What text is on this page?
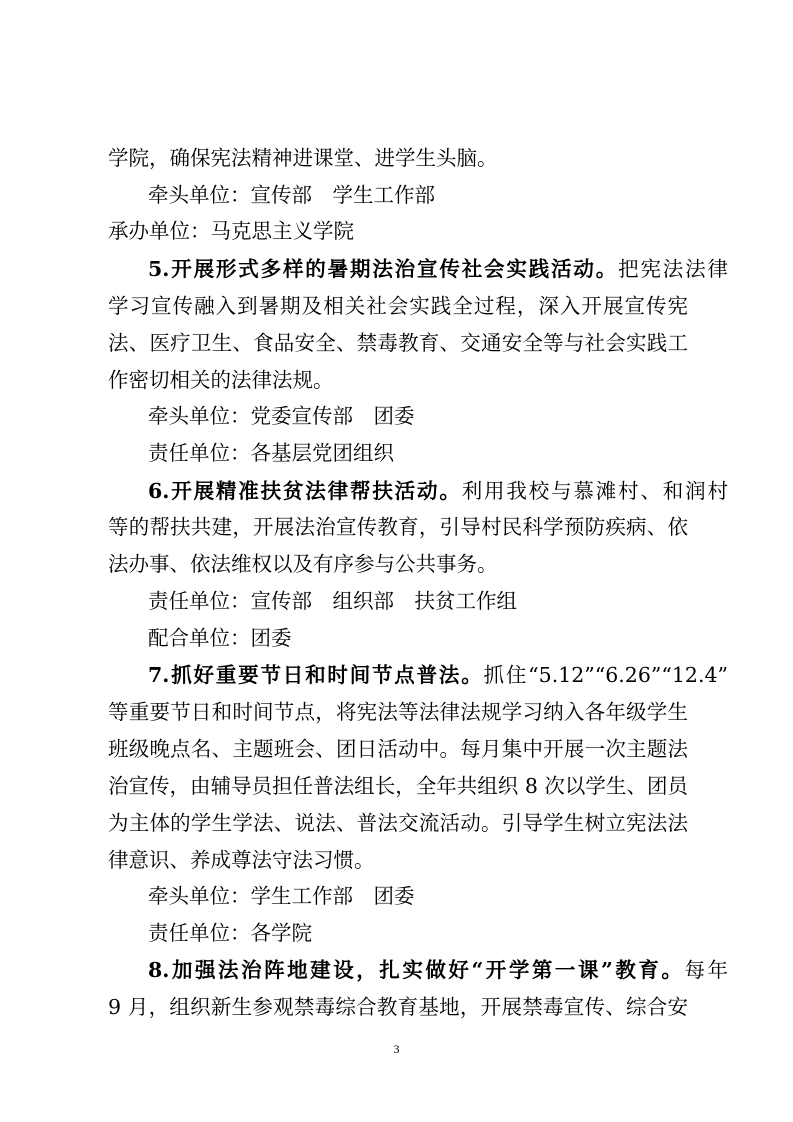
学院，确保宪法精神进课堂、进学生头脑。
牵头单位：宣传部　学生工作部
承办单位：马克思主义学院
5.开展形式多样的暑期法治宣传社会实践活动。把宪法法律
学习宣传融入到暑期及相关社会实践全过程，深入开展宣传宪
法、医疗卫生、食品安全、禁毒教育、交通安全等与社会实践工
作密切相关的法律法规。
牵头单位：党委宣传部　团委
责任单位：各基层党团组织
6.开展精准扶贫法律帮扶活动。利用我校与慕滩村、和润村
等的帮扶共建，开展法治宣传教育，引导村民科学预防疾病、依
法办事、依法维权以及有序参与公共事务。
责任单位：宣传部　组织部　扶贫工作组
配合单位：团委
7.抓好重要节日和时间节点普法。抓住“5.12”“6.26”“12.4”
等重要节日和时间节点，将宪法等法律法规学习纳入各年级学生
班级晚点名、主题班会、团日活动中。每月集中开展一次主题法
治宣传，由辅导员担任普法组长，全年共组织 8 次以学生、团员
为主体的学生学法、说法、普法交流活动。引导学生树立宪法法
律意识、养成尊法守法习惯。
牵头单位：学生工作部　团委
责任单位：各学院
8.加强法治阵地建设，扎实做好“开学第一课”教育。每年
9 月，组织新生参观禁毒综合教育基地，开展禁毒宣传、综合安
3
